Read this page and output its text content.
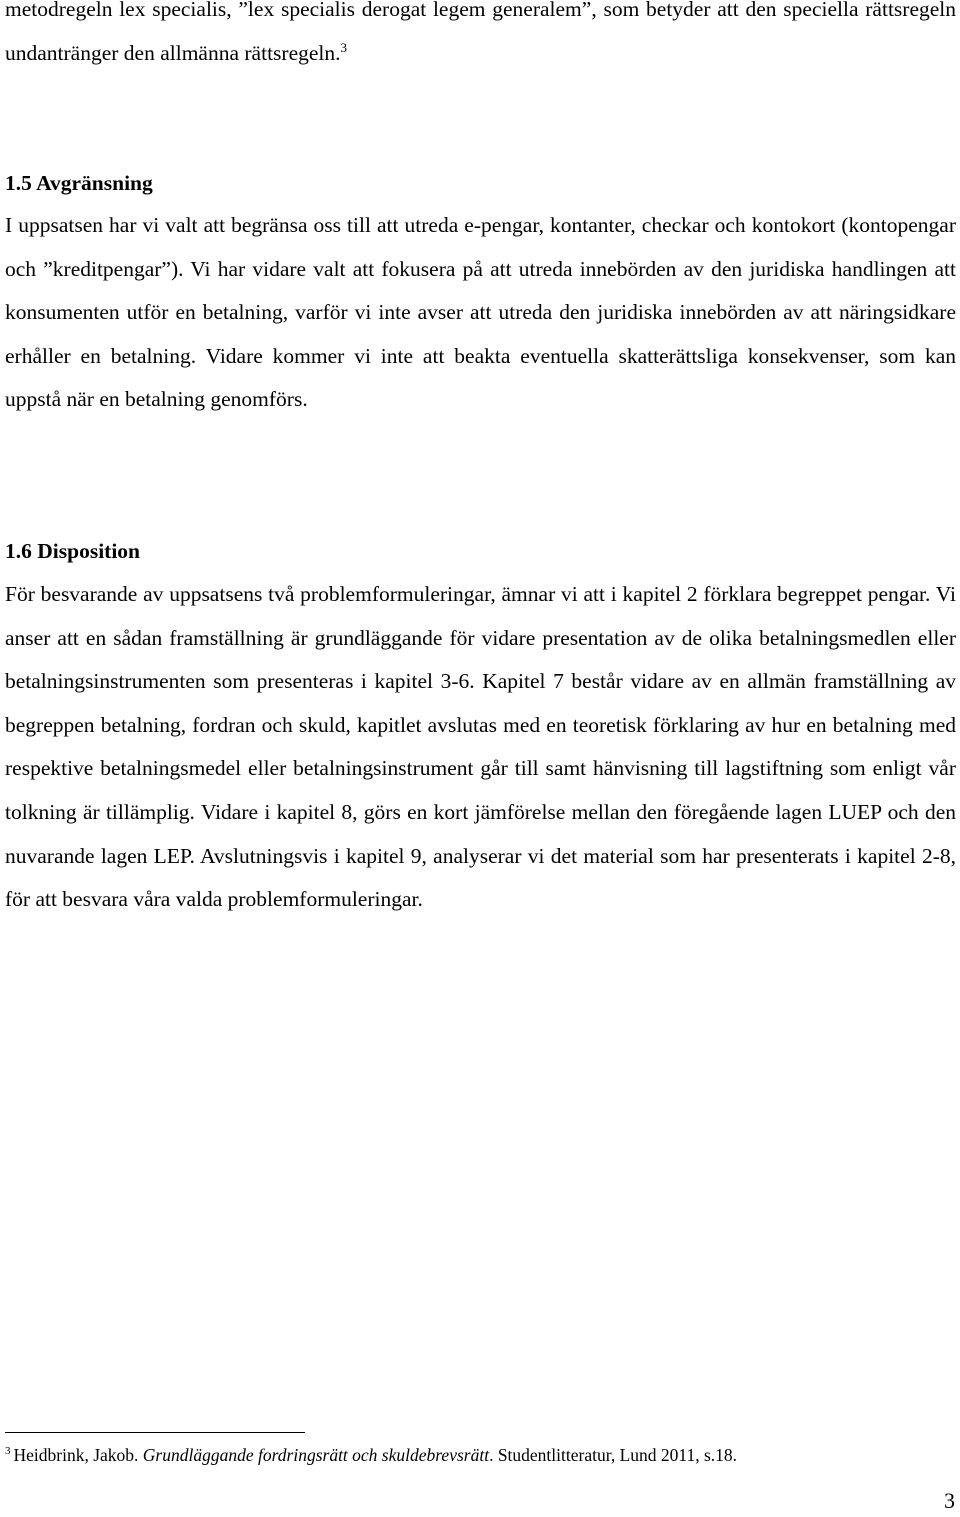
metodregeln lex specialis, ”lex specialis derogat legem generalem”, som betyder att den speciella rättsregeln undantränger den allmänna rättsregeln.$^3$

1.5 Avgränsning

I uppsatsen har vi valt att begränsa oss till att utreda e-pengar, kontanter, checkar och kontokort (kontopengar och ”kreditpengar”). Vi har vidare valt att fokusera på att utreda innebörden av den juridiska handlingen att konsumenten utför en betalning, varför vi inte avser att utreda den juridiska innebörden av att näringsidkare erhåller en betalning. Vidare kommer vi inte att beakta eventuella skatterättsliga konsekvenser, som kan uppstå när en betalning genomförs.

1.6 Disposition

För besvarande av uppsatsens två problemformuleringar, ämnar vi att i kapitel 2 förklara begreppet pengar. Vi anser att en sådan framställning är grundläggande för vidare presentation av de olika betalningsmedlen eller betalningsinstrumenten som presenteras i kapitel 3-6. Kapitel 7 består vidare av en allmän framställning av begreppen betalning, fordran och skuld, kapitlet avslutas med en teoretisk förklaring av hur en betalning med respektive betalningsmedel eller betalningsinstrument går till samt hänvisning till lagstiftning som enligt vår tolkning är tillämplig. Vidare i kapitel 8, görs en kort jämförelse mellan den föregående lagen LUEP och den nuvarande lagen LEP. Avslutningsvis i kapitel 9, analyserar vi det material som har presenterats i kapitel 2-8, för att besvara våra valda problemformuleringar.

$^3$ Heidbrink, Jakob. Grundläggande fordringsrätt och skuldebrevsrätt. Studentlitteratur, Lund 2011, s.18.
3
